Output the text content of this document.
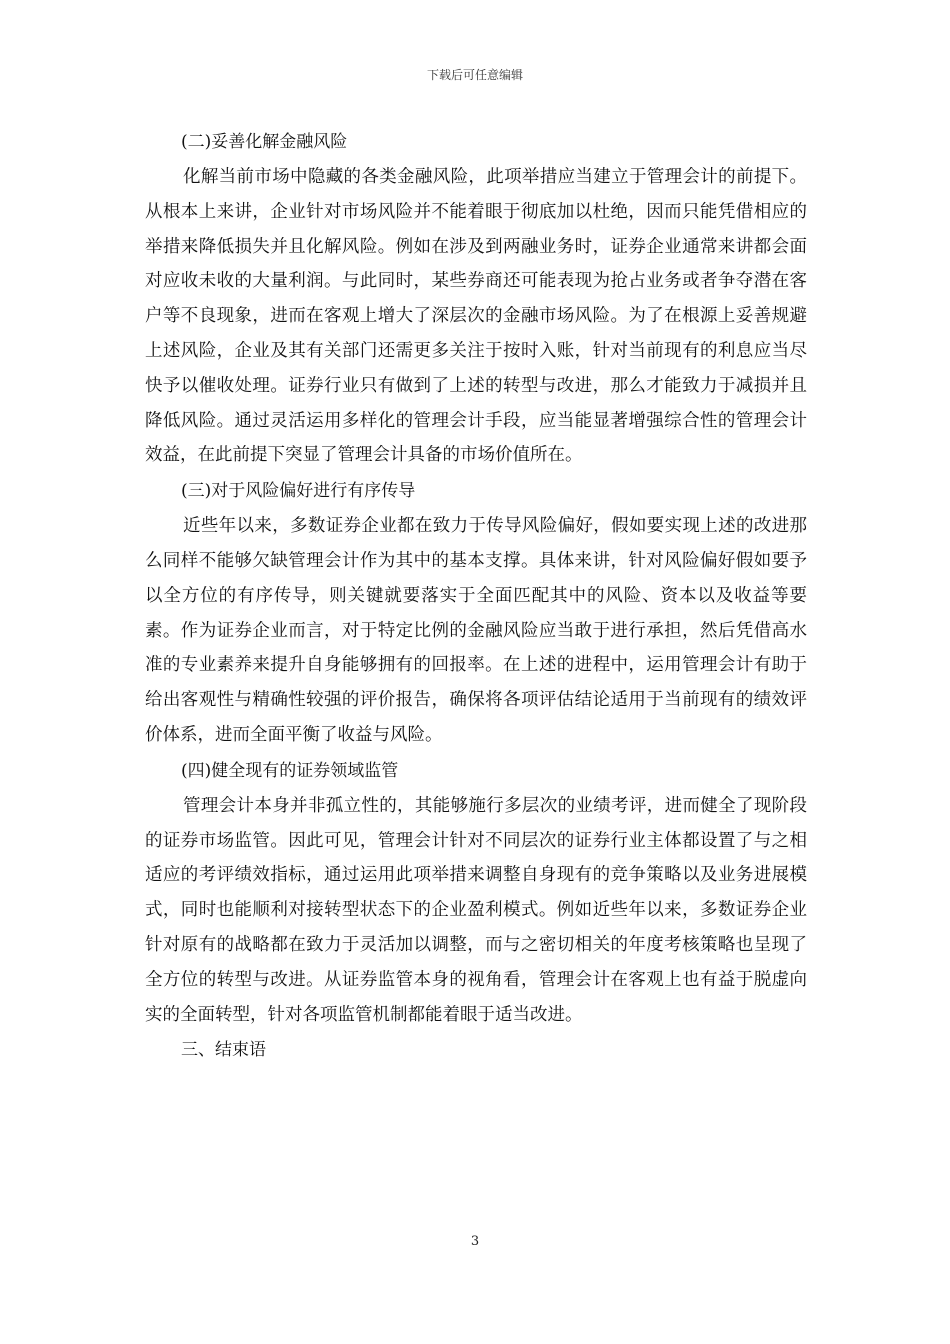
下载后可任意编辑
(二)妥善化解金融风险

化解当前市场中隐藏的各类金融风险，此项举措应当建立于管理会计的前提下。从根本上来讲，企业针对市场风险并不能着眼于彻底加以杜绝，因而只能凭借相应的举措来降低损失并且化解风险。例如在涉及到两融业务时，证券企业通常来讲都会面对应收未收的大量利润。与此同时，某些券商还可能表现为抢占业务或者争夺潜在客户等不良现象，进而在客观上增大了深层次的金融市场风险。为了在根源上妥善规避上述风险，企业及其有关部门还需更多关注于按时入账，针对当前现有的利息应当尽快予以催收处理。证券行业只有做到了上述的转型与改进，那么才能致力于减损并且降低风险。通过灵活运用多样化的管理会计手段，应当能显著增强综合性的管理会计效益，在此前提下突显了管理会计具备的市场价值所在。

(三)对于风险偏好进行有序传导

近些年以来，多数证券企业都在致力于传导风险偏好，假如要实现上述的改进那么同样不能够欠缺管理会计作为其中的基本支撑。具体来讲，针对风险偏好假如要予以全方位的有序传导，则关键就要落实于全面匹配其中的风险、资本以及收益等要素。作为证券企业而言，对于特定比例的金融风险应当敢于进行承担，然后凭借高水准的专业素养来提升自身能够拥有的回报率。在上述的进程中，运用管理会计有助于给出客观性与精确性较强的评价报告，确保将各项评估结论适用于当前现有的绩效评价体系，进而全面平衡了收益与风险。

(四)健全现有的证券领域监管

管理会计本身并非孤立性的，其能够施行多层次的业绩考评，进而健全了现阶段的证券市场监管。因此可见，管理会计针对不同层次的证券行业主体都设置了与之相适应的考评绩效指标，通过运用此项举措来调整自身现有的竞争策略以及业务进展模式，同时也能顺利对接转型状态下的企业盈利模式。例如近些年以来，多数证券企业针对原有的战略都在致力于灵活加以调整，而与之密切相关的年度考核策略也呈现了全方位的转型与改进。从证券监管本身的视角看，管理会计在客观上也有益于脱虚向实的全面转型，针对各项监管机制都能着眼于适当改进。

三、结束语
3
